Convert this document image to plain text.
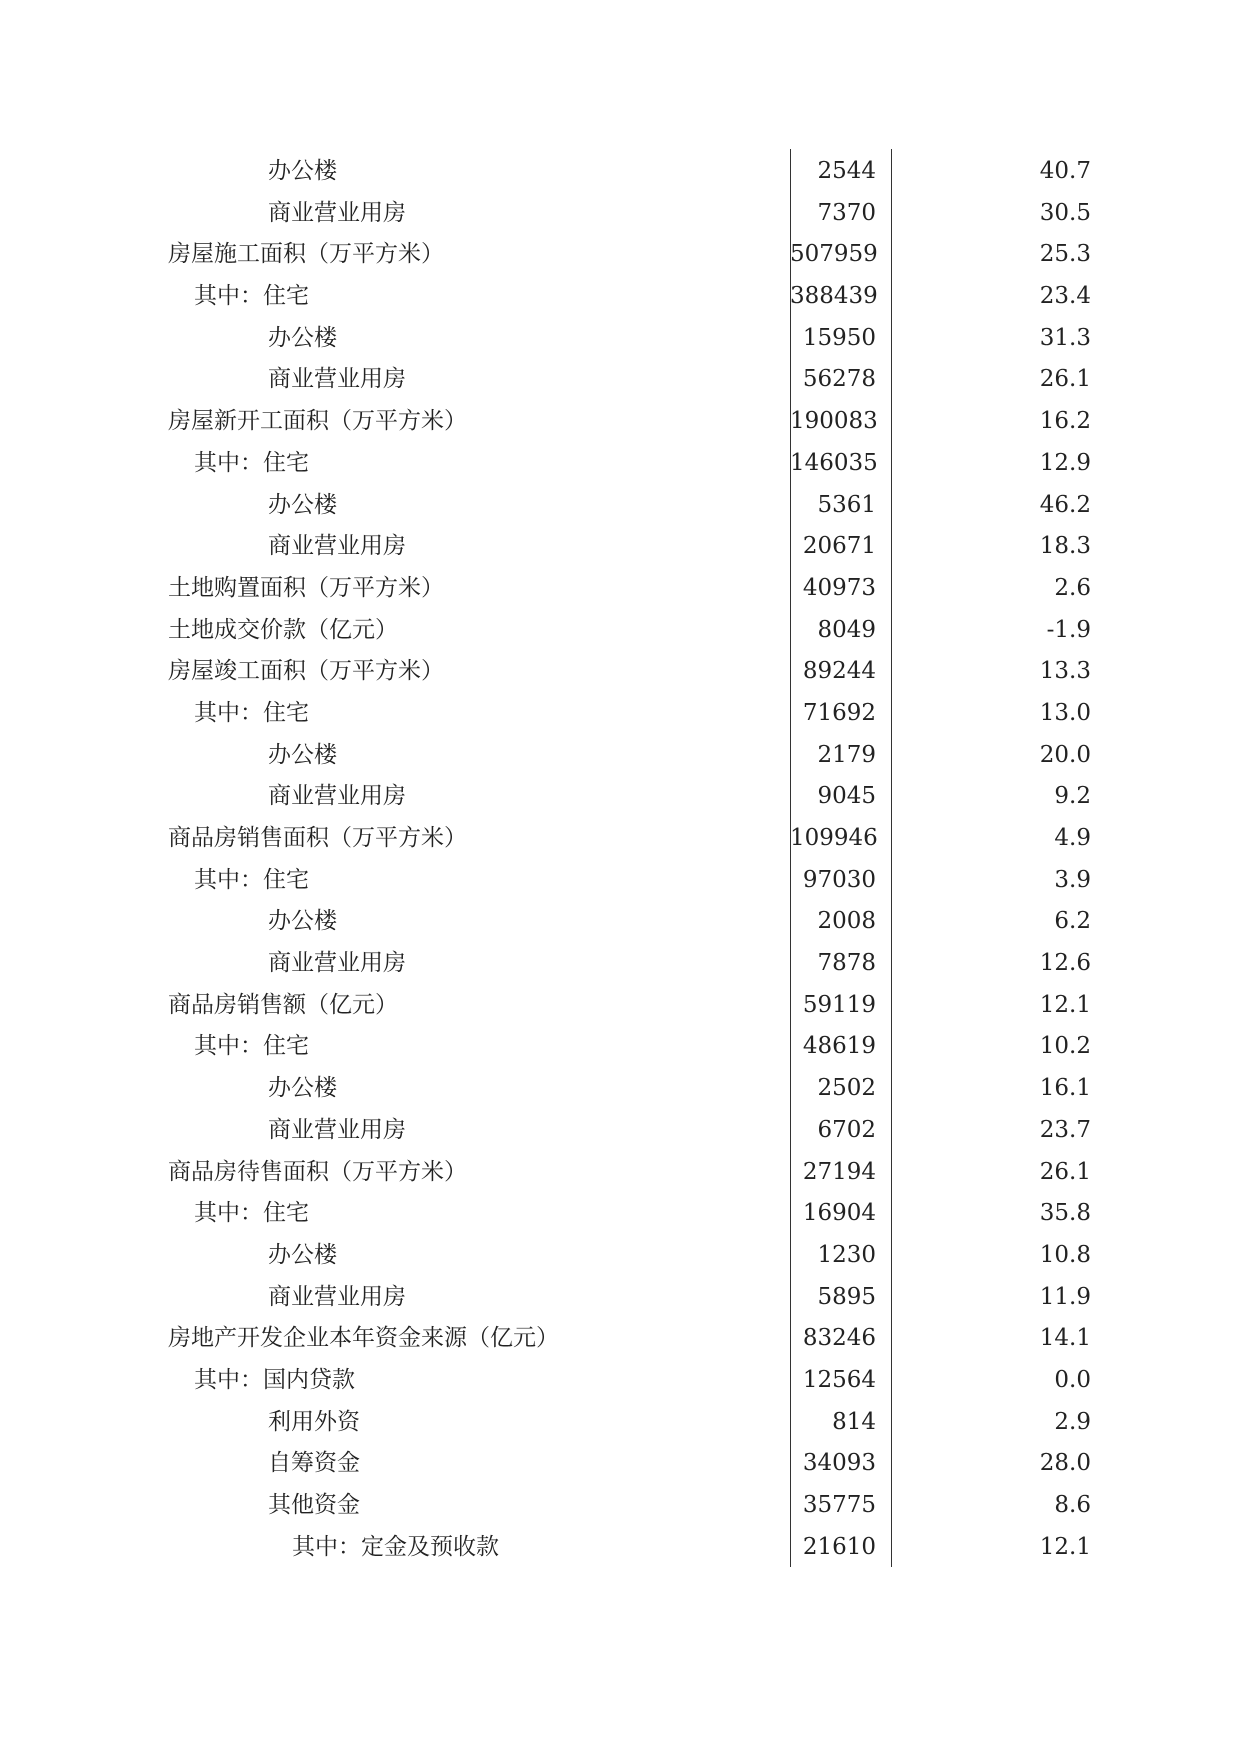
办公楼	2544	40.7
商业营业用房	7370	30.5
房屋施工面积（万平方米）	507959	25.3
其中：住宅	388439	23.4
办公楼	15950	31.3
商业营业用房	56278	26.1
房屋新开工面积（万平方米）	190083	16.2
其中：住宅	146035	12.9
办公楼	5361	46.2
商业营业用房	20671	18.3
土地购置面积（万平方米）	40973	2.6
土地成交价款（亿元）	8049	-1.9
房屋竣工面积（万平方米）	89244	13.3
其中：住宅	71692	13.0
办公楼	2179	20.0
商业营业用房	9045	9.2
商品房销售面积（万平方米）	109946	4.9
其中：住宅	97030	3.9
办公楼	2008	6.2
商业营业用房	7878	12.6
商品房销售额（亿元）	59119	12.1
其中：住宅	48619	10.2
办公楼	2502	16.1
商业营业用房	6702	23.7
商品房待售面积（万平方米）	27194	26.1
其中：住宅	16904	35.8
办公楼	1230	10.8
商业营业用房	5895	11.9
房地产开发企业本年资金来源（亿元）	83246	14.1
其中：国内贷款	12564	0.0
利用外资	814	2.9
自筹资金	34093	28.0
其他资金	35775	8.6
其中：定金及预收款	21610	12.1
